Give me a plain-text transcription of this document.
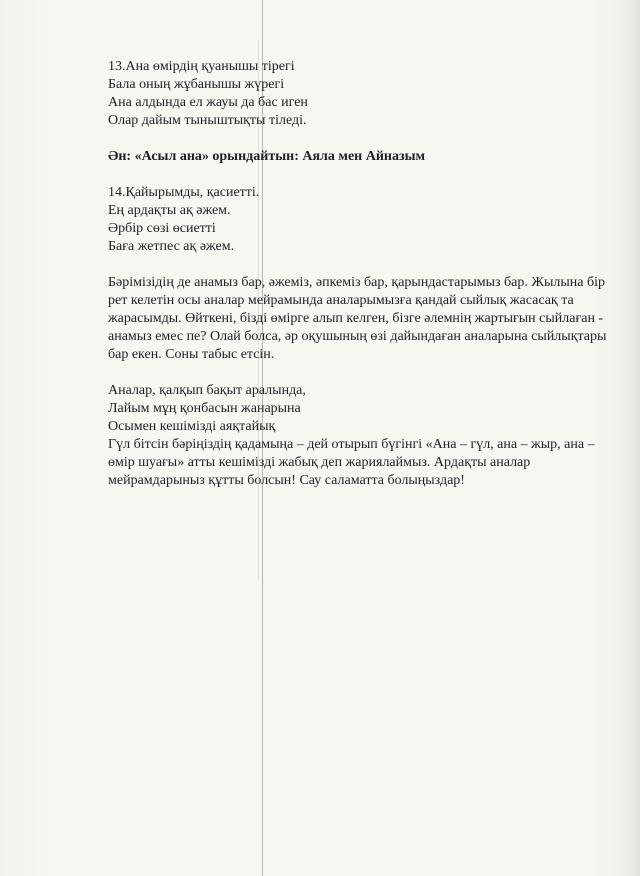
13.Ана өмірдің қуанышы тірегі
Бала оның жұбанышы жүрегі
Ана алдында ел жауы да бас иген
Олар дайым тыныштықты тіледі.
Ән: «Асыл ана» орындайтын: Аяла мен Айназым
14.Қайырымды, қасиетті.
Ең ардақты ақ әжем.
Әрбір сөзі өсиетті
Баға жетпес ақ әжем.
Бәрімізідің де анамыз бар, әжеміз, әпкеміз бар, қарындастарымыз бар. Жылына бір рет келетін осы аналар мейрамында аналарымызға қандай сыйлық жасасақ та жарасымды. Өйткені, бізді өмірге алып келген, бізге әлемнің жартығын сыйлаған - анамыз емес пе? Олай болса, әр оқушының өзі дайындаған аналарына сыйлықтары бар екен. Соны табыс етсін.
Аналар, қалқып бақыт аралында,
Лайым мұң қонбасын жанарына
Осымен кешімізді аяқтайық
Гүл бітсін бәріңіздің қадамыңа – дей отырып бүгінгі «Ана – гүл, ана – жыр, ана – өмір шуағы» атты кешімізді жабық деп жариялаймыз. Ардақты аналар мейрамдарыныз құтты болсын! Сау саламатта болыңыздар!
